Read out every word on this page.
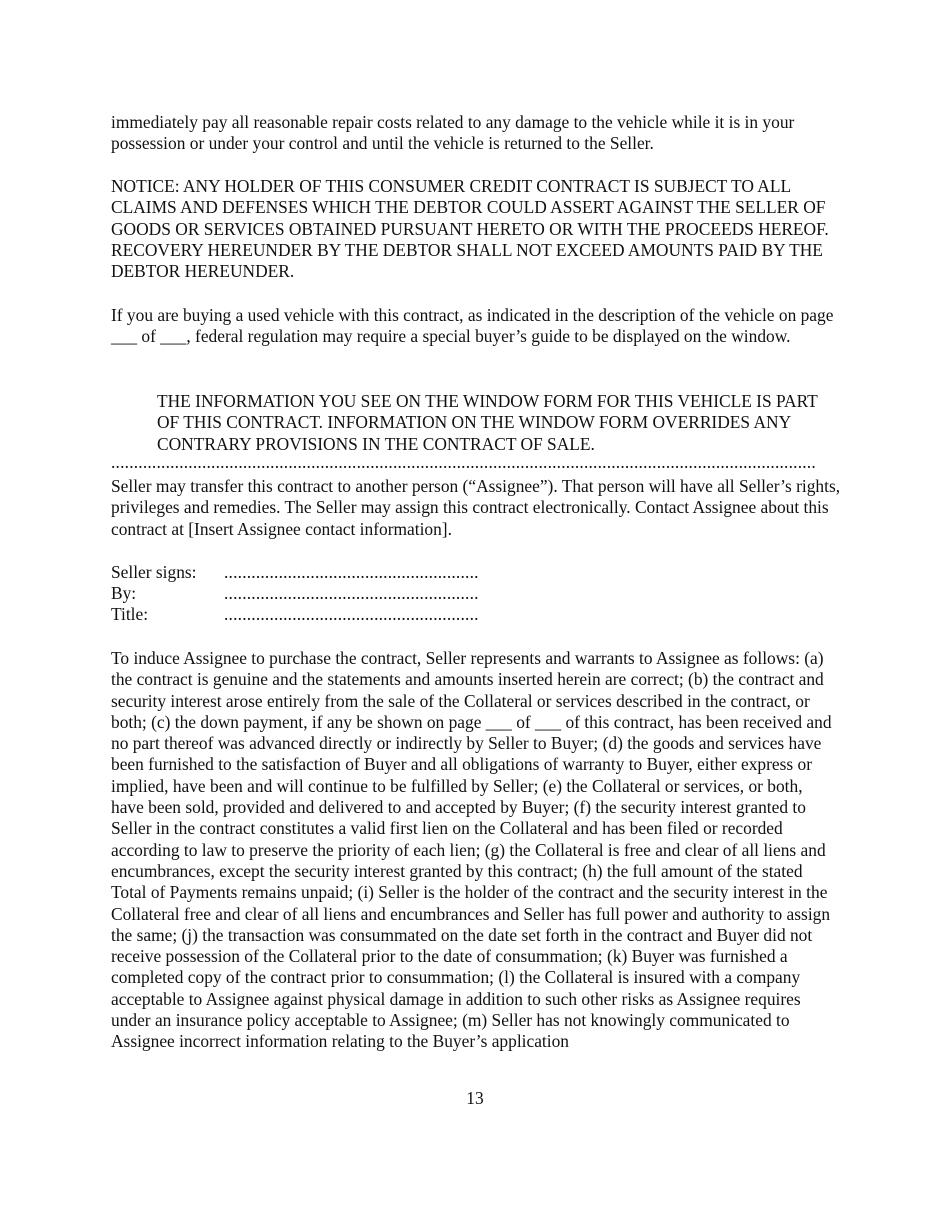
immediately pay all reasonable repair costs related to any damage to the vehicle while it is in your possession or under your control and until the vehicle is returned to the Seller.
NOTICE: ANY HOLDER OF THIS CONSUMER CREDIT CONTRACT IS SUBJECT TO ALL CLAIMS AND DEFENSES WHICH THE DEBTOR COULD ASSERT AGAINST THE SELLER OF GOODS OR SERVICES OBTAINED PURSUANT HERETO OR WITH THE PROCEEDS HEREOF. RECOVERY HEREUNDER BY THE DEBTOR SHALL NOT EXCEED AMOUNTS PAID BY THE DEBTOR HEREUNDER.
If you are buying a used vehicle with this contract, as indicated in the description of the vehicle on page ___ of ___, federal regulation may require a special buyer’s guide to be displayed on the window.
THE INFORMATION YOU SEE ON THE WINDOW FORM FOR THIS VEHICLE IS PART OF THIS CONTRACT. INFORMATION ON THE WINDOW FORM OVERRIDES ANY CONTRARY PROVISIONS IN THE CONTRACT OF SALE.
...........................................................................................................................................................
Seller may transfer this contract to another person (“Assignee”). That person will have all Seller’s rights, privileges and remedies. The Seller may assign this contract electronically. Contact Assignee about this contract at [Insert Assignee contact information].
Seller signs: ........................................................
By:	........................................................
Title:	........................................................
To induce Assignee to purchase the contract, Seller represents and warrants to Assignee as follows: (a) the contract is genuine and the statements and amounts inserted herein are correct; (b) the contract and security interest arose entirely from the sale of the Collateral or services described in the contract, or both; (c) the down payment, if any be shown on page ___ of ___ of this contract, has been received and no part thereof was advanced directly or indirectly by Seller to Buyer; (d) the goods and services have been furnished to the satisfaction of Buyer and all obligations of warranty to Buyer, either express or implied, have been and will continue to be fulfilled by Seller; (e) the Collateral or services, or both, have been sold, provided and delivered to and accepted by Buyer; (f) the security interest granted to Seller in the contract constitutes a valid first lien on the Collateral and has been filed or recorded according to law to preserve the priority of each lien; (g) the Collateral is free and clear of all liens and encumbrances, except the security interest granted by this contract; (h) the full amount of the stated Total of Payments remains unpaid; (i) Seller is the holder of the contract and the security interest in the Collateral free and clear of all liens and encumbrances and Seller has full power and authority to assign the same; (j) the transaction was consummated on the date set forth in the contract and Buyer did not receive possession of the Collateral prior to the date of consummation; (k) Buyer was furnished a completed copy of the contract prior to consummation; (l) the Collateral is insured with a company acceptable to Assignee against physical damage in addition to such other risks as Assignee requires under an insurance policy acceptable to Assignee; (m) Seller has not knowingly communicated to Assignee incorrect information relating to the Buyer’s application
13
